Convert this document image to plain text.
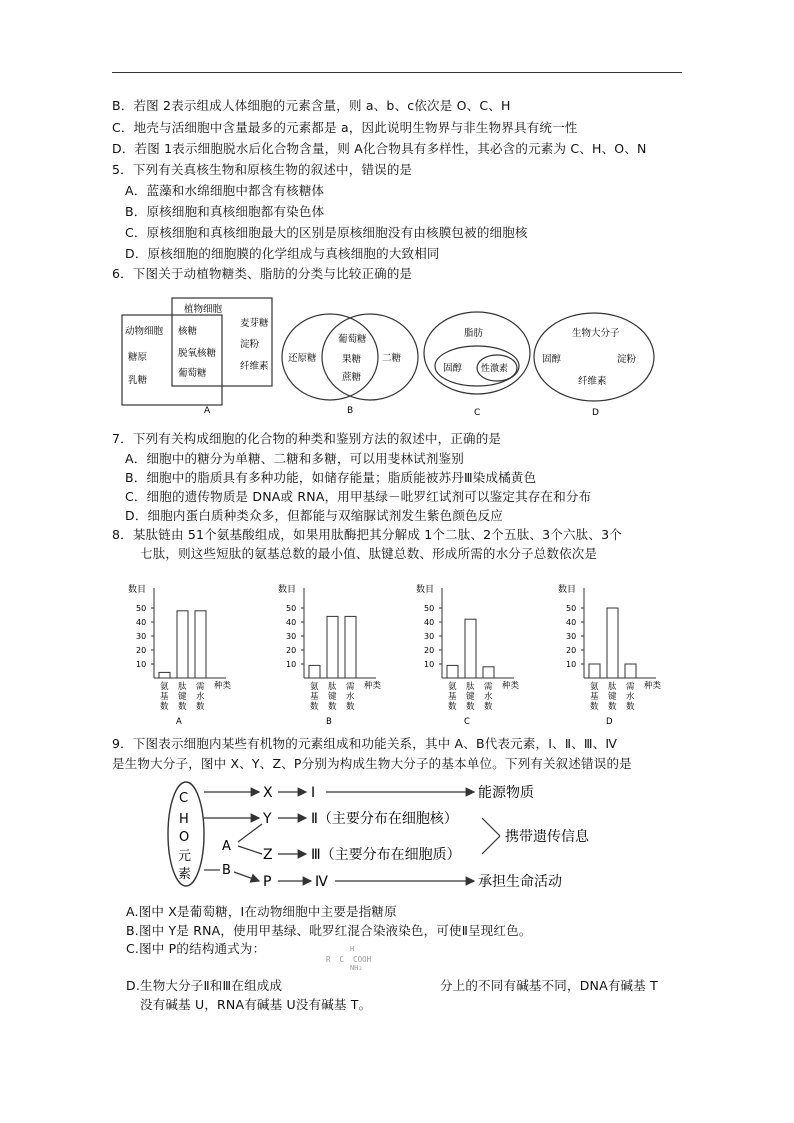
B．若图 2表示组成人体细胞的元素含量，则 a、b、c依次是 O、C、H
C．地壳与活细胞中含量最多的元素都是 a，因此说明生物界与非生物界具有统一性
D．若图 1表示细胞脱水后化合物含量，则 A化合物具有多样性，其必含的元素为 C、H、O、N
5．下列有关真核生物和原核生物的叙述中，错误的是
A．蓝藻和水绵细胞中都含有核糖体
B．原核细胞和真核细胞都有染色体
C．原核细胞和真核细胞最大的区别是原核细胞没有由核膜包被的细胞核
D．原核细胞的细胞膜的化学组成与真核细胞的大致相同
6．下图关于动植物糖类、脂肪的分类与比较正确的是
植物细胞
动物细胞
糖原
乳糖
核糖
脱氧核糖
葡萄糖
麦芽糖
淀粉
纤维素
A
还原糖
葡萄糖
果糖
蔗糖
二糖
B
脂肪
固醇 性激素
C
生物大分子
固醇	淀粉
纤维素
D
7．下列有关构成细胞的化合物的种类和鉴别方法的叙述中，正确的是
A．细胞中的糖分为单糖、二糖和多糖，可以用斐林试剂鉴别
B．细胞中的脂质具有多种功能，如储存能量；脂质能被苏丹Ⅲ染成橘黄色
C．细胞的遗传物质是 DNA或 RNA，用甲基绿－吡罗红试剂可以鉴定其存在和分布
D．细胞内蛋白质种类众多，但都能与双缩脲试剂发生紫色颜色反应
8．某肽链由 51个氨基酸组成，如果用肽酶把其分解成 1个二肽、2个五肽、3个六肽、3个
七肽，则这些短肽的氨基总数的最小值、肽键总数、形成所需的水分子总数依次是
数目
10
20
30
40
50
氨
基
数
肽
键
数
需
水
数
种类
A
数目
10
20
30
40
50
氨
基
数
肽
键
数
需
水
数
种类
B
数目
10
20
30
40
50
氨
基
数
肽
键
数
需
水
数
种类
C
数目
10
20
30
40
50
氨
基
数
肽
键
数
需
水
数
种类
D
9．下图表示细胞内某些有机物的元素组成和功能关系，其中 A、B代表元素，Ⅰ、Ⅱ、Ⅲ、Ⅳ
是生物大分子，图中 X、Y、Z、P分别为构成生物大分子的基本单位。下列有关叙述错误的是
C
H
O
元
素
X	Ⅰ	能源物质
Y	Ⅱ（主要分布在细胞核）
A
Z	Ⅲ（主要分布在细胞质）
携带遗传信息
B
P	Ⅳ	承担生命活动
A.图中 X是葡萄糖，Ⅰ在动物细胞中主要是指糖原
B.图中 Y是 RNA，使用甲基绿、吡罗红混合染液染色，可使Ⅱ呈现红色。
C.图中 P的结构通式为：	H
R  C  COOH
NH₂
D.生物大分子Ⅱ和Ⅲ在组成成	分上的不同有碱基不同，DNA有碱基 T
没有碱基 U，RNA有碱基 U没有碱基 T。
